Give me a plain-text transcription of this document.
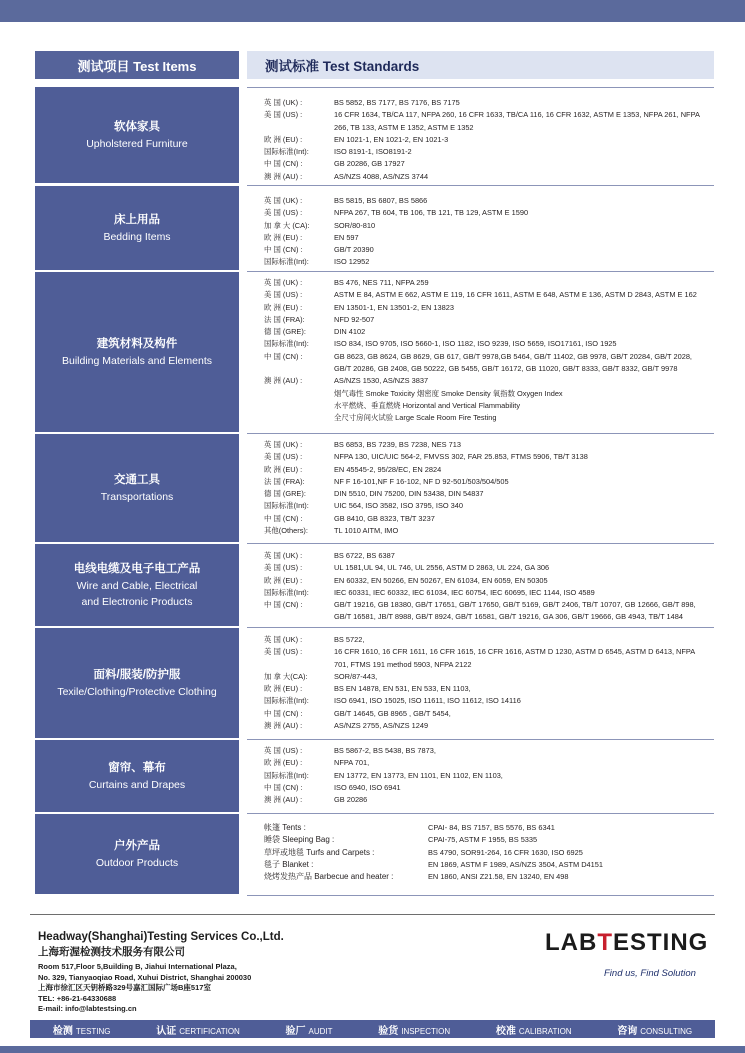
测试项目 Test Items	测试标准 Test Standards
软体家具
Upholstered Furniture
英 国 (UK) :	BS 5852, BS 7177, BS 7176, BS 7175
美 国 (US) :	16 CFR 1634, TB/CA 117, NFPA 260, 16 CFR 1633, TB/CA 116, 16 CFR 1632, ASTM E 1353, NFPA 261, NFPA 266, TB 133, ASTM E 1352, ASTM E 1352
欧 洲 (EU) :	EN 1021-1, EN 1021-2, EN 1021-3
国际标准(Int):	ISO 8191-1, ISO8191-2
中 国 (CN) :	GB 20286, GB 17927
澳 洲 (AU) :	AS/NZS 4088, AS/NZS 3744
床上用品
Bedding Items
英 国 (UK) :	BS 5815, BS 6807, BS 5866
美 国 (US) :	NFPA 267, TB 604, TB 106, TB 121, TB 129, ASTM E 1590
加 拿 大 (CA):	SOR/80-810
欧 洲 (EU) :	EN 597
中 国 (CN) :	GB/T 20390
国际标准(Int):	ISO 12952
建筑材料及构件
Building Materials and Elements
英 国 (UK) :	BS 476, NES 711, NFPA 259
美 国 (US) :	ASTM E 84, ASTM E 662, ASTM E 119, 16 CFR 1611, ASTM E 648, ASTM E 136, ASTM D 2843, ASTM E 162
欧 洲 (EU) :	EN 13501-1, EN 13501-2, EN 13823
法 国 (FRA):	NFD 92-507
德 国 (GRE):	DIN 4102
国际标准(Int):	ISO 834, ISO 9705, ISO 5660-1, ISO 1182, ISO 9239, ISO 5659, ISO17161, ISO 1925
中 国 (CN) :	GB 8623, GB 8624, GB 8629, GB 617, GB/T 9978,GB 5464, GB/T 11402, GB 9978, GB/T 20284, GB/T 2028, GB/T 20286, GB 2408, GB 50222, GB 5455, GB/T 16172, GB 11020, GB/T 8333, GB/T 8332, GB/T 9978
澳 洲 (AU) :	AS/NZS 1530, AS/NZS 3837
烟气毒性 Smoke Toxicity 烟密度 Smoke Density 氧指数 Oxygen Index
水平燃烧、垂直燃烧 Horizontal and Vertical Flammability
全尺寸房间火试验 Large Scale Room Fire Testing
交通工具
Transportations
英 国 (UK) :	BS 6853, BS 7239, BS 7238, NES 713
美 国 (US) :	NFPA 130, UIC/UIC 564-2, FMVSS 302, FAR 25.853, FTMS 5906, TB/T 3138
欧 洲 (EU) :	EN 45545-2, 95/28/EC, EN 2824
法 国 (FRA):	NF F 16-101,NF F 16-102, NF D 92-501/503/504/505
德 国 (GRE):	DIN 5510, DIN 75200, DIN 53438, DIN 54837
国际标准(Int):	UIC 564, ISO 3582, ISO 3795, ISO 340
中 国 (CN) :	GB 8410, GB 8323, TB/T 3237
其他(Others):	TL 1010 AITM, IMO
电线电缆及电子电工产品
Wire and Cable, Electrical
and Electronic Products
英 国 (UK) :	BS 6722, BS 6387
美 国 (US) :	UL 1581,UL 94, UL 746, UL 2556, ASTM D 2863, UL 224, GA 306
欧 洲 (EU) :	EN 60332, EN 50266, EN 50267, EN 61034, EN 6059, EN 50305
国际标准(Int):	IEC 60331, IEC 60332, IEC 61034, IEC 60754, IEC 60695, IEC 1144, ISO 4589
中 国 (CN) :	GB/T 19216, GB 18380, GB/T 17651, GB/T 17650, GB/T 5169, GB/T 2406, TB/T 10707, GB 12666, GB/T 898, GB/T 16581, JB/T 8988, GB/T 8924, GB/T 16581, GB/T 19216, GA 306, GB/T 19666, GB 4943, TB/T 1484
面料/服装/防护服
Texile/Clothing/Protective Clothing
英 国 (UK) :	BS 5722,
美 国 (US) :	16 CFR 1610, 16 CFR 1611, 16 CFR 1615, 16 CFR 1616, ASTM D 1230, ASTM D 6545, ASTM D 6413, NFPA 701, FTMS 191 method 5903, NFPA 2122
加 拿 大(CA):	SOR/87-443,
欧 洲 (EU) :	BS EN 14878, EN 531, EN 533, EN 1103,
国际标准(Int):	ISO 6941, ISO 15025, ISO 11611, ISO 11612, ISO 14116
中 国 (CN) :	GB/T 14645, GB 8965 , GB/T 5454,
澳 洲 (AU) :	AS/NZS 2755, AS/NZS 1249
窗帘、幕布
Curtains and Drapes
英 国 (US) :	BS 5867-2, BS 5438, BS 7873,
欧 洲 (EU) :	NFPA 701,
国际标准(Int):	EN 13772, EN 13773, EN 1101, EN 1102, EN 1103,
中 国 (CN) :	ISO 6940, ISO 6941
澳 洲 (AU) :	GB 20286
户外产品
Outdoor Products
帐篷 Tents :	CPAI- 84, BS 7157, BS 5576, BS 6341
睡袋 Sleeping Bag :	CPAI-75, ASTM F 1955, BS 5335
草坪或地毯 Turfs and Carpets :	BS 4790, SOR91-264, 16 CFR 1630, ISO 6925
毯子 Blanket :	EN 1869, ASTM F 1989, AS/NZS 3504, ASTM D4151
烧烤发热产品 Barbecue and heater :	EN 1860, ANSI Z21.58, EN 13240, EN 498
Headway(Shanghai)Testing Services Co.,Ltd.
上海珩渥检测技术服务有限公司
Room 517,Floor 5,Building B, Jiahui International Plaza,
No. 329, Tianyaoqiao Road, Xuhui District, Shanghai 200030
上海市徐汇区天钥桥路329号嘉汇国际广场B座517室
TEL: +86-21-64330688
E-mail: info@labtestsing.cn
LABTESTING
Find us, Find Solution
检测 TESTING	认证 CERTIFICATION	验厂 AUDIT	验货 INSPECTION	校准 CALIBRATION	咨询 CONSULTING
